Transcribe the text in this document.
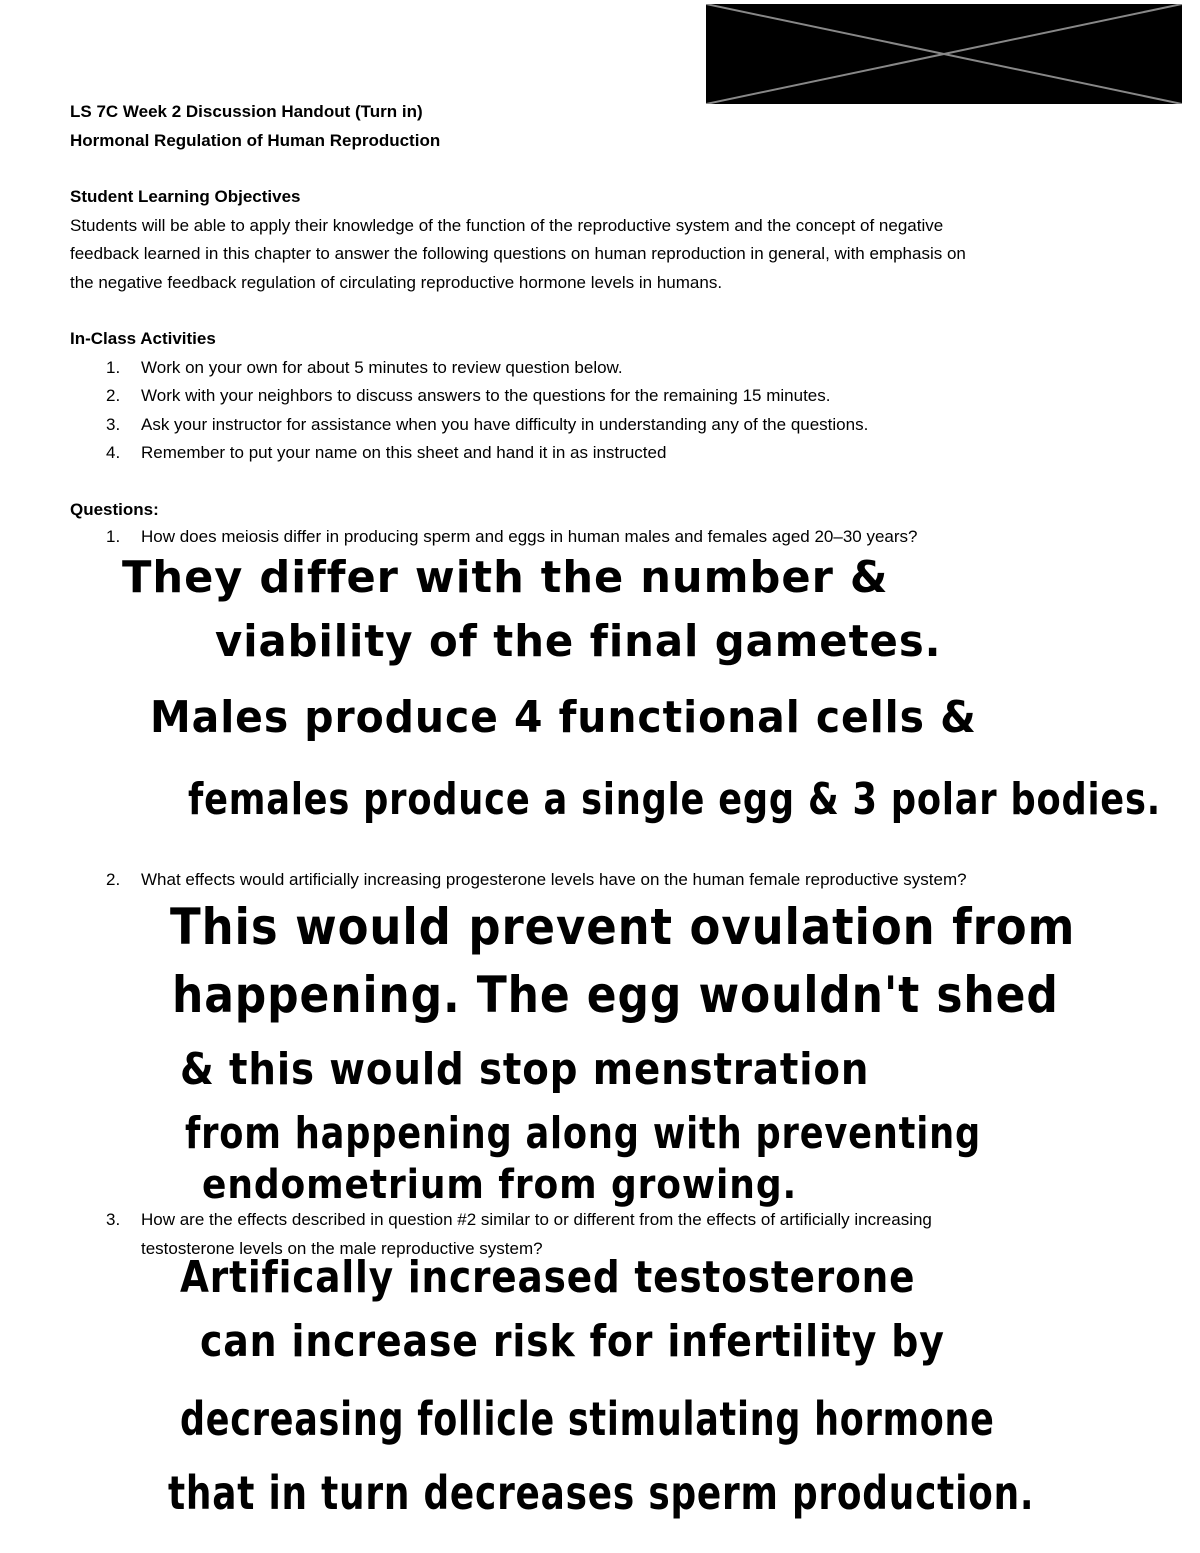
LS 7C Week 2 Discussion Handout (Turn in)
Hormonal Regulation of Human Reproduction
Student Learning Objectives
Students will be able to apply their knowledge of the function of the reproductive system and the concept of negative
feedback learned in this chapter to answer the following questions on human reproduction in general, with emphasis on
the negative feedback regulation of circulating reproductive hormone levels in humans.
In-Class Activities
1. Work on your own for about 5 minutes to review question below.
2. Work with your neighbors to discuss answers to the questions for the remaining 15 minutes.
3. Ask your instructor for assistance when you have difficulty in understanding any of the questions.
4. Remember to put your name on this sheet and hand it in as instructed
Questions:
1. How does meiosis differ in producing sperm and eggs in human males and females aged 20–30 years?
They differ with the number &
viability of the final gametes.
Males produce 4 functional cells &
females produce a single egg & 3 polar bodies.
2. What effects would artificially increasing progesterone levels have on the human female reproductive system?
This would prevent ovulation from
happening. The egg wouldn't shed
& this would stop menstration
from happening along with preventing
endometrium from growing.
3. How are the effects described in question #2 similar to or different from the effects of artificially increasing
testosterone levels on the male reproductive system?
Artifically increased testosterone
can increase risk for infertility by
decreasing follicle stimulating hormone
that in turn decreases sperm production.
